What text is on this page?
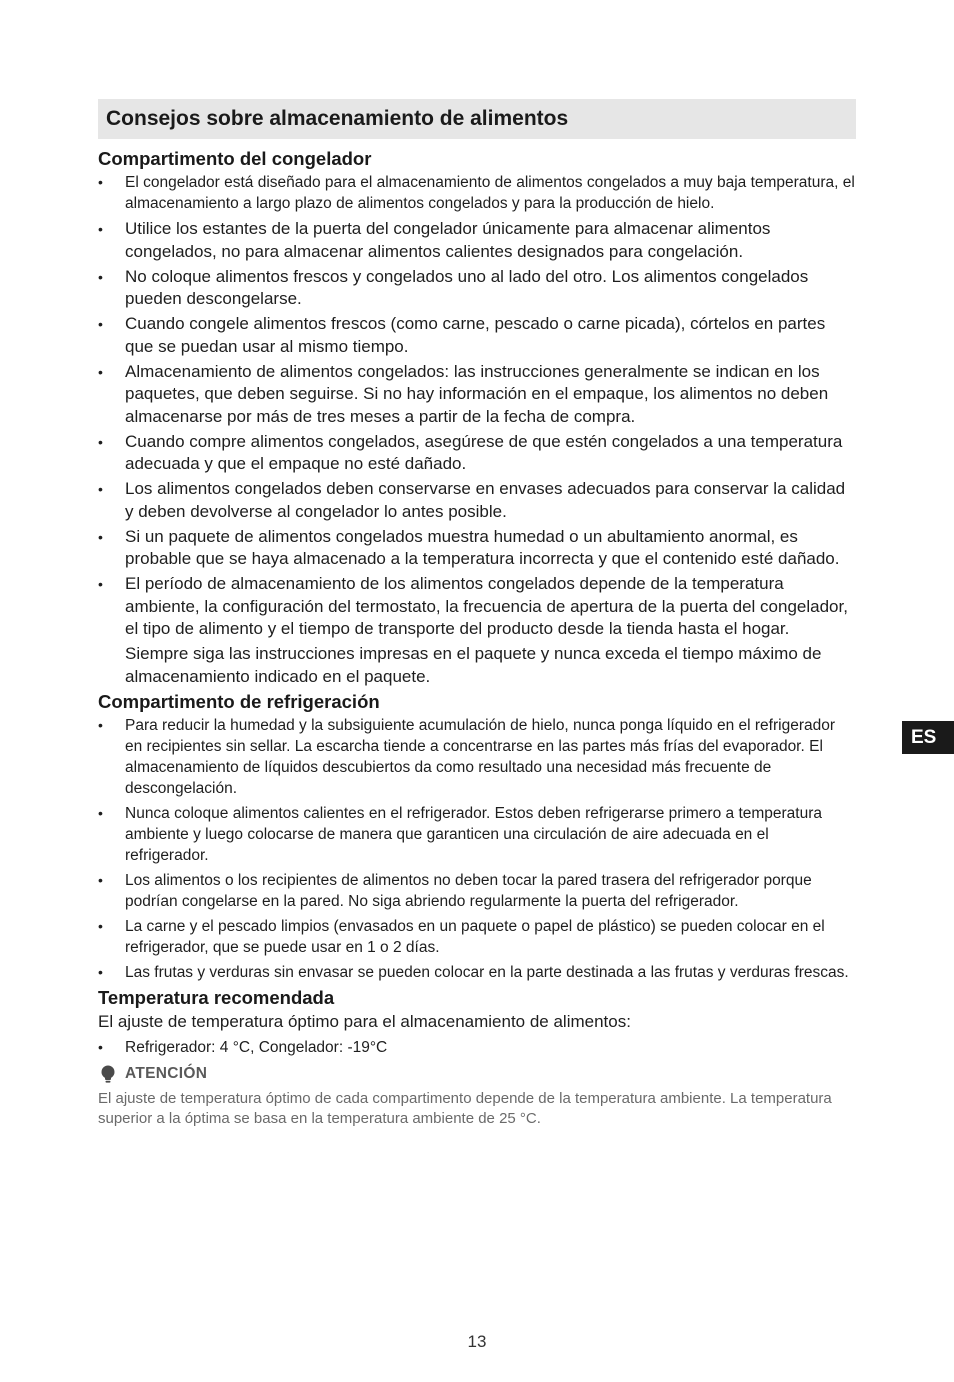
Consejos sobre almacenamiento de alimentos
Compartimento del congelador
• El congelador está diseñado para el almacenamiento de alimentos congelados a muy baja temperatura, el almacenamiento a largo plazo de alimentos congelados y para la producción de hielo.
• Utilice los estantes de la puerta del congelador únicamente para almacenar alimentos congelados, no para almacenar alimentos calientes designados para congelación.
• No coloque alimentos frescos y congelados uno al lado del otro. Los alimentos congelados pueden descongelarse.
• Cuando congele alimentos frescos (como carne, pescado o carne picada), córtelos en partes que se puedan usar al mismo tiempo.
• Almacenamiento de alimentos congelados: las instrucciones generalmente se indican en los paquetes, que deben seguirse. Si no hay información en el empaque, los alimentos no deben almacenarse por más de tres meses a partir de la fecha de compra.
• Cuando compre alimentos congelados, asegúrese de que estén congelados a una temperatura adecuada y que el empaque no esté dañado.
• Los alimentos congelados deben conservarse en envases adecuados para conservar la calidad y deben devolverse al congelador lo antes posible.
• Si un paquete de alimentos congelados muestra humedad o un abultamiento anormal, es probable que se haya almacenado a la temperatura incorrecta y que el contenido esté dañado.
• El período de almacenamiento de los alimentos congelados depende de la temperatura ambiente, la configuración del termostato, la frecuencia de apertura de la puerta del congelador, el tipo de alimento y el tiempo de transporte del producto desde la tienda hasta el hogar.
Siempre siga las instrucciones impresas en el paquete y nunca exceda el tiempo máximo de almacenamiento indicado en el paquete.
Compartimento de refrigeración
• Para reducir la humedad y la subsiguiente acumulación de hielo, nunca ponga líquido en el refrigerador en recipientes sin sellar. La escarcha tiende a concentrarse en las partes más frías del evaporador. El almacenamiento de líquidos descubiertos da como resultado una necesidad más frecuente de descongelación.
• Nunca coloque alimentos calientes en el refrigerador. Estos deben refrigerarse primero a temperatura ambiente y luego colocarse de manera que garanticen una circulación de aire adecuada en el refrigerador.
• Los alimentos o los recipientes de alimentos no deben tocar la pared trasera del refrigerador porque podrían congelarse en la pared. No siga abriendo regularmente la puerta del refrigerador.
• La carne y el pescado limpios (envasados en un paquete o papel de plástico) se pueden colocar en el refrigerador, que se puede usar en 1 o 2 días.
• Las frutas y verduras sin envasar se pueden colocar en la parte destinada a las frutas y verduras frescas.
Temperatura recomendada
El ajuste de temperatura óptimo para el almacenamiento de alimentos:
• Refrigerador: 4 °C, Congelador: -19°C
ATENCIÓN
El ajuste de temperatura óptimo de cada compartimento depende de la temperatura ambiente. La temperatura superior a la óptima se basa en la temperatura ambiente de 25 °C.
ES
13
